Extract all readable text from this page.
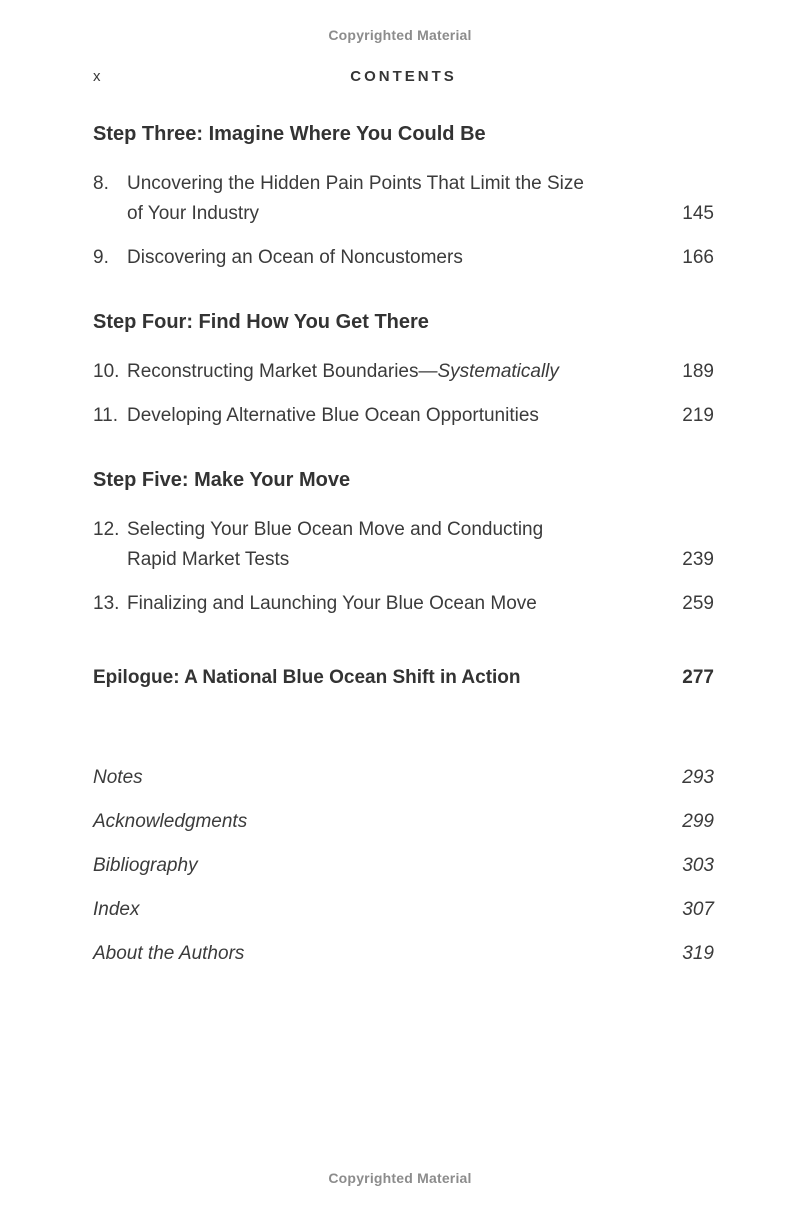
Copyrighted Material
x	CONTENTS
Step Three: Imagine Where You Could Be
8. Uncovering the Hidden Pain Points That Limit the Size of Your Industry	145
9. Discovering an Ocean of Noncustomers	166
Step Four: Find How You Get There
10. Reconstructing Market Boundaries—Systematically	189
11. Developing Alternative Blue Ocean Opportunities	219
Step Five: Make Your Move
12. Selecting Your Blue Ocean Move and Conducting Rapid Market Tests	239
13. Finalizing and Launching Your Blue Ocean Move	259
Epilogue: A National Blue Ocean Shift in Action	277
Notes	293
Acknowledgments	299
Bibliography	303
Index	307
About the Authors	319
Copyrighted Material
